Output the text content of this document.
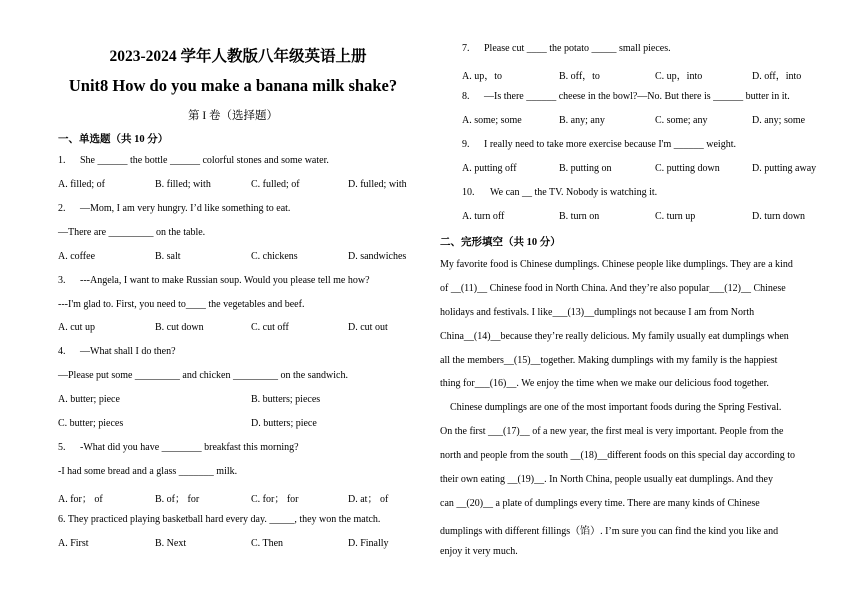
2023-2024 学年人教版八年级英语上册
Unit8 How do you make a banana milk shake?
第 I 卷（选择题）
一、单选题（共 10 分）
1. She ______ the bottle ______ colorful stones and some water.
A. filled; of	B. filled; with	C. fulled; of	D. fulled; with
2. —Mom, I am very hungry. I’d like something to eat.
—There are _________ on the table.
A. coffee	B. salt	C. chickens	D. sandwiches
3. ---Angela, I want to make Russian soup. Would you please tell me how?
---I'm glad to. First, you need to____ the vegetables and beef.
A. cut up	B. cut down	C. cut off	D. cut out
4. —What shall I do then?
—Please put some _________ and chicken _________ on the sandwich.
A. butter; piece	B. butters; pieces
C. butter; pieces	D. butters; piece
5. -What did you have ________ breakfast this morning?
-I had some bread and a glass _______ milk.
A. for； of	B. of； for	C. for； for	D. at； of
6. They practiced playing basketball hard every day. _____, they won the match.
A. First	B. Next	C. Then	D. Finally
7. Please cut ____ the potato _____ small pieces.
A. up，to	B. off，to	C. up，into	D. off，into
8. —Is there ______ cheese in the bowl?—No. But there is ______ butter in it.
A. some; some	B. any; any	C. some; any	D. any; some
9. I really need to take more exercise because I'm ______ weight.
A. putting off	B. putting on	C. putting down	D. putting away
10. We can __ the TV. Nobody is watching it.
A. turn off	B. turn on	C. turn up	D. turn down
二、完形填空（共 10 分）
My favorite food is Chinese dumplings. Chinese people like dumplings. They are a kind
of __(11)__ Chinese food in North China. And they’re also popular___(12)__ Chinese
holidays and festivals. I like___(13)__dumplings not because I am from North
China__(14)__because they’re really delicious. My family usually eat dumplings when
all the members__(15)__together. Making dumplings with my family is the happiest
thing for___(16)__. We enjoy the time when we make our delicious food together.
Chinese dumplings are one of the most important foods during the Spring Festival.
On the first ___(17)__ of a new year, the first meal is very important. People from the
north and people from the south __(18)__different foods on this special day according to
their own eating __(19)__. In North China, people usually eat dumplings. And they
can __(20)__ a plate of dumplings every time. There are many kinds of Chinese
dumplings with different fillings（馅）. I’m sure you can find the kind you like and
enjoy it very much.
